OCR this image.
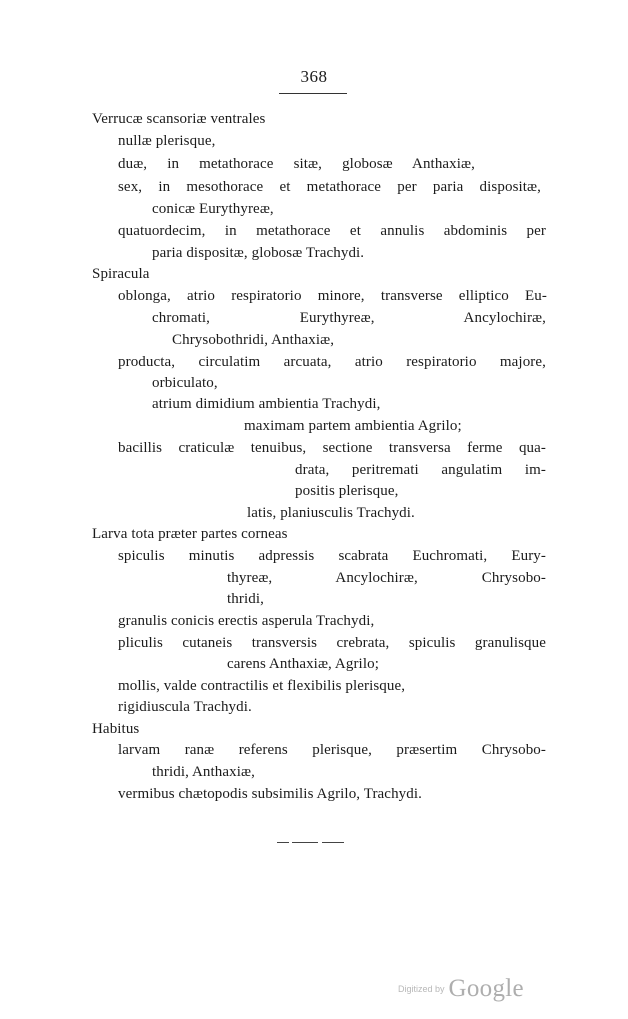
368
Verrucæ scansoriæ ventrales
nullæ plerisque,
duæ, in metathorace sitæ, globosæ Anthaxiæ,
sex, in mesothorace et metathorace per paria dispositæ,
conicæ Eurythyreæ,
quatuordecim, in metathorace et annulis abdominis per
paria dispositæ, globosæ Trachydi.
Spiracula
oblonga, atrio respiratorio minore, transverse elliptico Eu-
chromati, Eurythyreæ, Ancylochiræ,
Chrysobothridi, Anthaxiæ,
producta, circulatim arcuata, atrio respiratorio majore,
orbiculato,
atrium dimidium ambientia Trachydi,
maximam partem ambientia Agrilo;
bacillis craticulæ tenuibus, sectione transversa ferme qua-
drata, peritremati angulatim im-
positis plerisque,
latis, planiusculis Trachydi.
Larva tota præter partes corneas
spiculis minutis adpressis scabrata Euchromati, Eury-
thyreæ, Ancylochiræ, Chrysobo-
thridi,
granulis conicis erectis asperula Trachydi,
pliculis cutaneis transversis crebrata, spiculis granulisque
carens Anthaxiæ, Agrilo;
mollis, valde contractilis et flexibilis plerisque,
rigidiuscula Trachydi.
Habitus
larvam ranæ referens plerisque, præsertim Chrysobo-
thridi, Anthaxiæ,
vermibus chætopodis subsimilis Agrilo, Trachydi.
Digitized by Google
